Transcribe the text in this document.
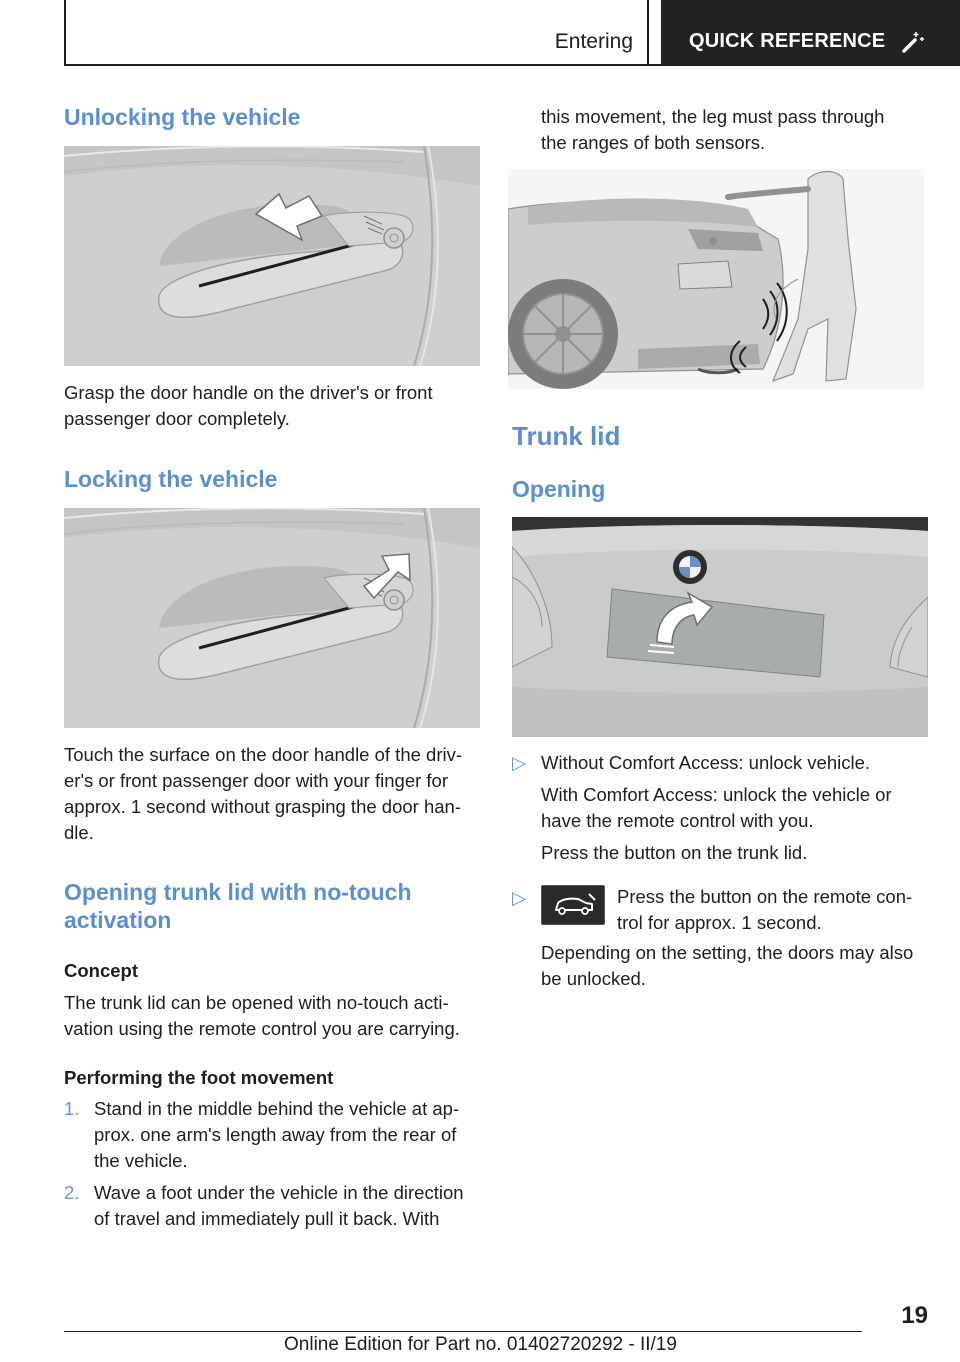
Entering	QUICK REFERENCE
Unlocking the vehicle
Grasp the door handle on the driver's or front
passenger door completely.
Locking the vehicle
Touch the surface on the door handle of the driv-
er's or front passenger door with your finger for
approx. 1 second without grasping the door han-
dle.
Opening trunk lid with no-touch
activation
Concept
The trunk lid can be opened with no-touch acti-
vation using the remote control you are carrying.
Performing the foot movement
1. Stand in the middle behind the vehicle at ap-
prox. one arm's length away from the rear of
the vehicle.
2. Wave a foot under the vehicle in the direction
of travel and immediately pull it back. With
this movement, the leg must pass through
the ranges of both sensors.
Trunk lid
Opening
▷ Without Comfort Access: unlock vehicle.
With Comfort Access: unlock the vehicle or
have the remote control with you.
Press the button on the trunk lid.
▷	Press the button on the remote con-
trol for approx. 1 second.
Depending on the setting, the doors may also
be unlocked.
19
Online Edition for Part no. 01402720292 - II/19
